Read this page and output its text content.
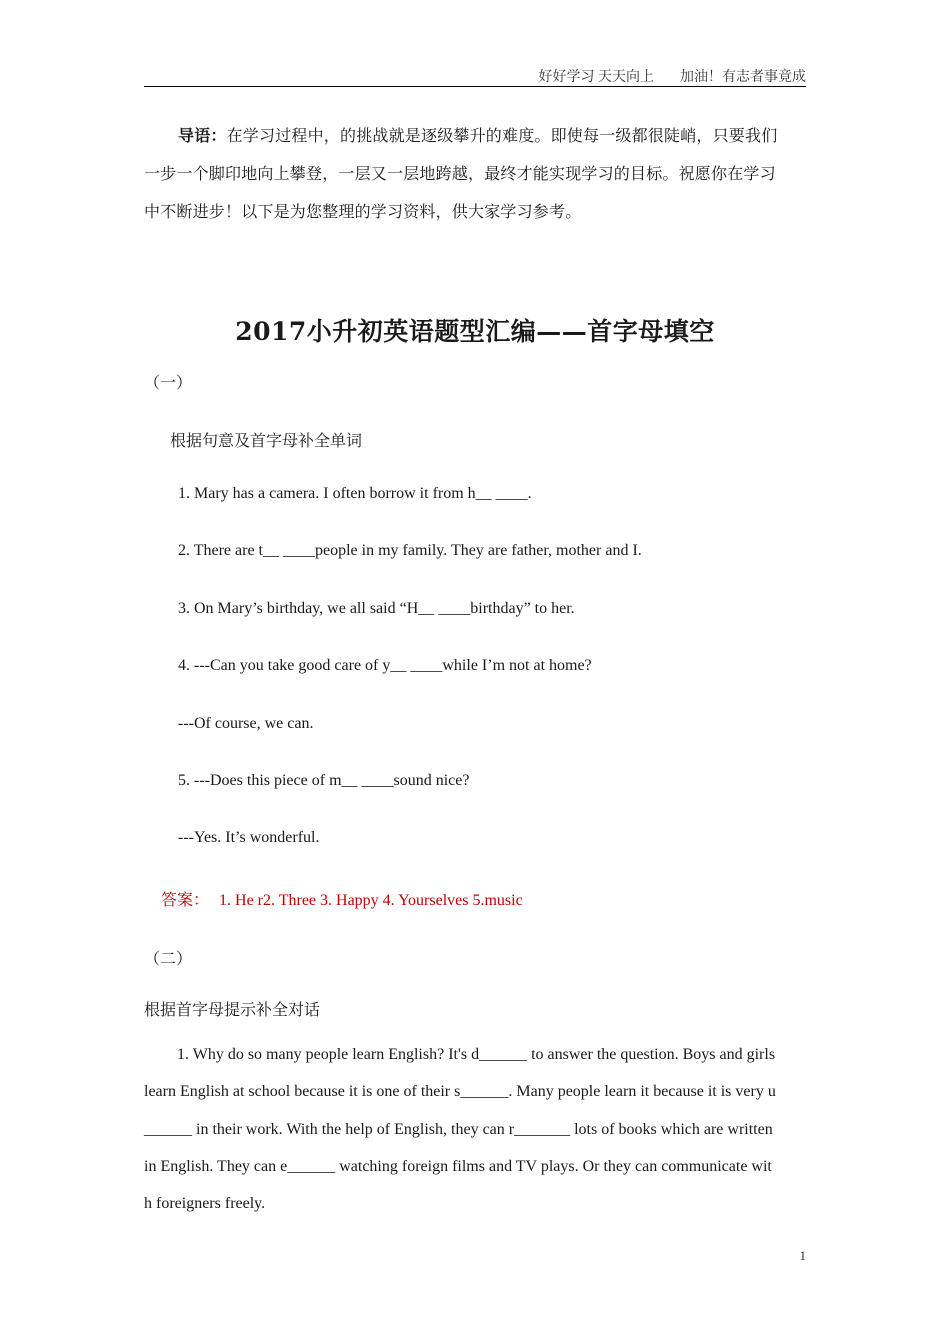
好好学习 天天向上 加油！有志者事竟成
导语：在学习过程中，的挑战就是逐级攀升的难度。即使每一级都很陡峭，只要我们
一步一个脚印地向上攀登，一层又一层地跨越，最终才能实现学习的目标。祝愿你在学习
中不断进步！以下是为您整理的学习资料，供大家学习参考。
2017小升初英语题型汇编——首字母填空
（一）
根据句意及首字母补全单词
1. Mary has a camera. I often borrow it from h__ ____.
2. There are t__ ____people in my family. They are father, mother and I.
3. On Mary’s birthday, we all said “H__ ____birthday” to her.
4. ---Can you take good care of y__ ____while I’m not at home?
---Of course, we can.
5. ---Does this piece of m__ ____sound nice?
---Yes. It’s wonderful.
答案： 1. He r2. Three 3. Happy 4. Yourselves 5.music
（二）
根据首字母提示补全对话
1. Why do so many people learn English? It's d______ to answer the question. Boys and girls
learn English at school because it is one of their s______. Many people learn it because it is very u
______ in their work. With the help of English, they can r_______ lots of books which are written
in English. They can e______ watching foreign films and TV plays. Or they can communicate wit
h foreigners freely.
1
